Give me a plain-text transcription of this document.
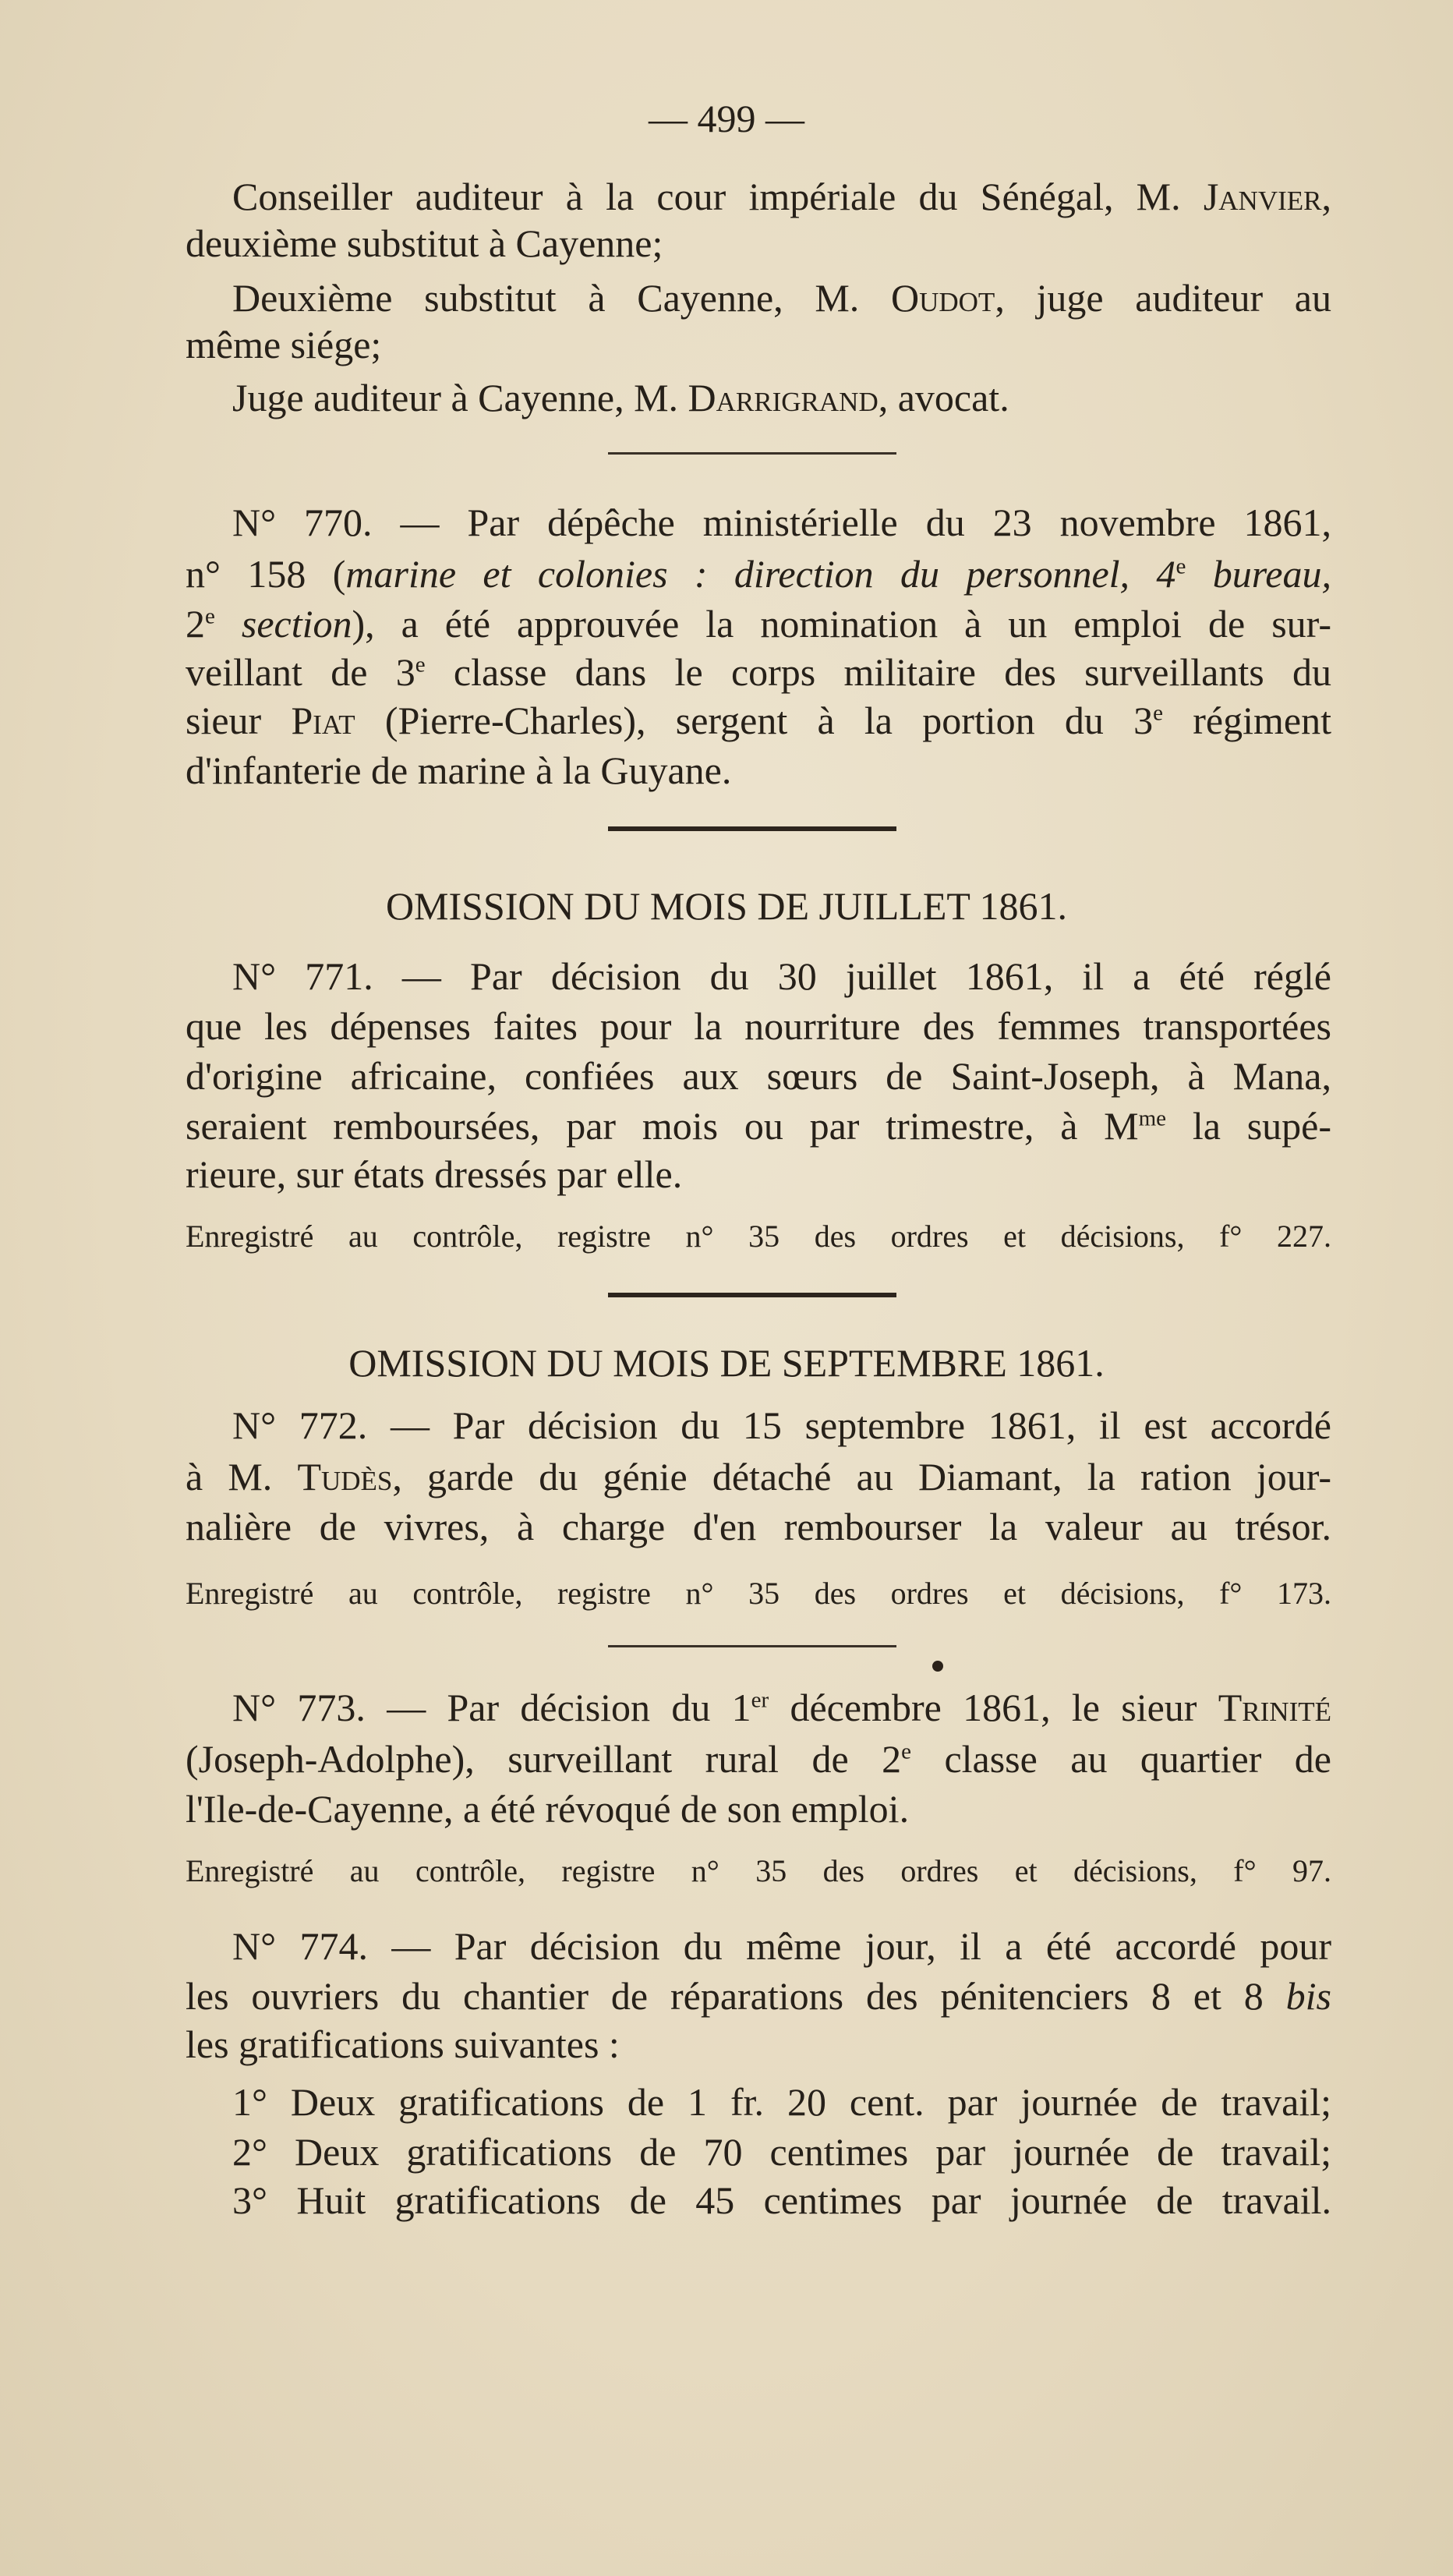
— 499 —
Conseiller auditeur à la cour impériale du Sénégal, M. Janvier,
deuxième substitut à Cayenne;
Deuxième substitut à Cayenne, M. Oudot, juge auditeur au
même siége;
Juge auditeur à Cayenne, M. Darrigrand, avocat.
N° 770. — Par dépêche ministérielle du 23 novembre 1861,
n° 158 (marine et colonies : direction du personnel, 4e bureau,
2e section), a été approuvée la nomination à un emploi de sur-
veillant de 3e classe dans le corps militaire des surveillants du
sieur Piat (Pierre-Charles), sergent à la portion du 3e régiment
d'infanterie de marine à la Guyane.
OMISSION DU MOIS DE JUILLET 1861.
N° 771. — Par décision du 30 juillet 1861, il a été réglé
que les dépenses faites pour la nourriture des femmes transportées
d'origine africaine, confiées aux sœurs de Saint-Joseph, à Mana,
seraient remboursées, par mois ou par trimestre, à $M^{me}$ la supé-
rieure, sur états dressés par elle.
Enregistré au contrôle, registre n° 35 des ordres et décisions, f° 227.
OMISSION DU MOIS DE SEPTEMBRE 1861.
N° 772. — Par décision du 15 septembre 1861, il est accordé
à M. Tudès, garde du génie détaché au Diamant, la ration jour-
nalière de vivres, à charge d'en rembourser la valeur au trésor.
Enregistré au contrôle, registre n° 35 des ordres et décisions, f° 173.
N° 773. — Par décision du 1er décembre 1861, le sieur Trinité
(Joseph-Adolphe), surveillant rural de 2e classe au quartier de
l'Ile-de-Cayenne, a été révoqué de son emploi.
Enregistré au contrôle, registre n° 35 des ordres et décisions, f° 97.
N° 774. — Par décision du même jour, il a été accordé pour
les ouvriers du chantier de réparations des pénitenciers 8 et 8 bis
les gratifications suivantes :
1° Deux gratifications de 1 fr. 20 cent. par journée de travail;
2° Deux gratifications de 70 centimes par journée de travail;
3° Huit gratifications de 45 centimes par journée de travail.
